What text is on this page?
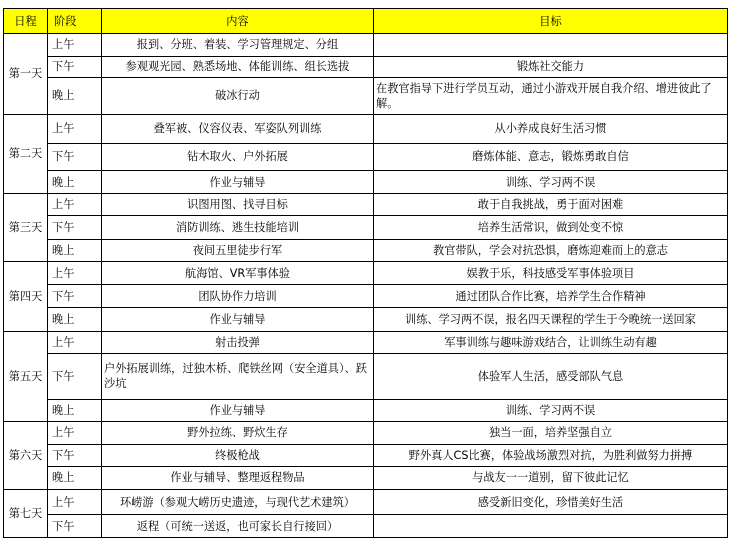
日程	阶段	内容	目标
第一天	上午	报到、分班、着装、学习管理规定、分组	
	下午	参观观光园、熟悉场地、体能训练、组长选拔	锻炼社交能力
	晚上	破冰行动	在教官指导下进行学员互动，通过小游戏开展自我介绍、增进彼此了解。
第二天	上午	叠军被、仪容仪表、军姿队列训练	从小养成良好生活习惯
	下午	钻木取火、户外拓展	磨炼体能、意志，锻炼勇敢自信
	晚上	作业与辅导	训练、学习两不误
第三天	上午	识图用图、找寻目标	敢于自我挑战，勇于面对困难
	下午	消防训练、逃生技能培训	培养生活常识，做到处变不惊
	晚上	夜间五里徒步行军	教官带队，学会对抗恐惧，磨炼迎难而上的意志
第四天	上午	航海馆、VR军事体验	娱教于乐，科技感受军事体验项目
	下午	团队协作力培训	通过团队合作比赛，培养学生合作精神
	晚上	作业与辅导	训练、学习两不误，报名四天课程的学生于今晚统一送回家
第五天	上午	射击投弹	军事训练与趣味游戏结合，让训练生动有趣
	下午	户外拓展训练，过独木桥、爬铁丝网（安全道具）、跃沙坑	体验军人生活，感受部队气息
	晚上	作业与辅导	训练、学习两不误
第六天	上午	野外拉练、野炊生存	独当一面，培养坚强自立
	下午	终极枪战	野外真人CS比赛，体验战场激烈对抗，为胜利做努力拼搏
	晚上	作业与辅导、整理返程物品	与战友一一道别，留下彼此记忆
第七天	上午	环崂游（参观大崂历史遗迹，与现代艺术建筑）	感受新旧变化，珍惜美好生活
	下午	返程（可统一送返，也可家长自行接回）	
